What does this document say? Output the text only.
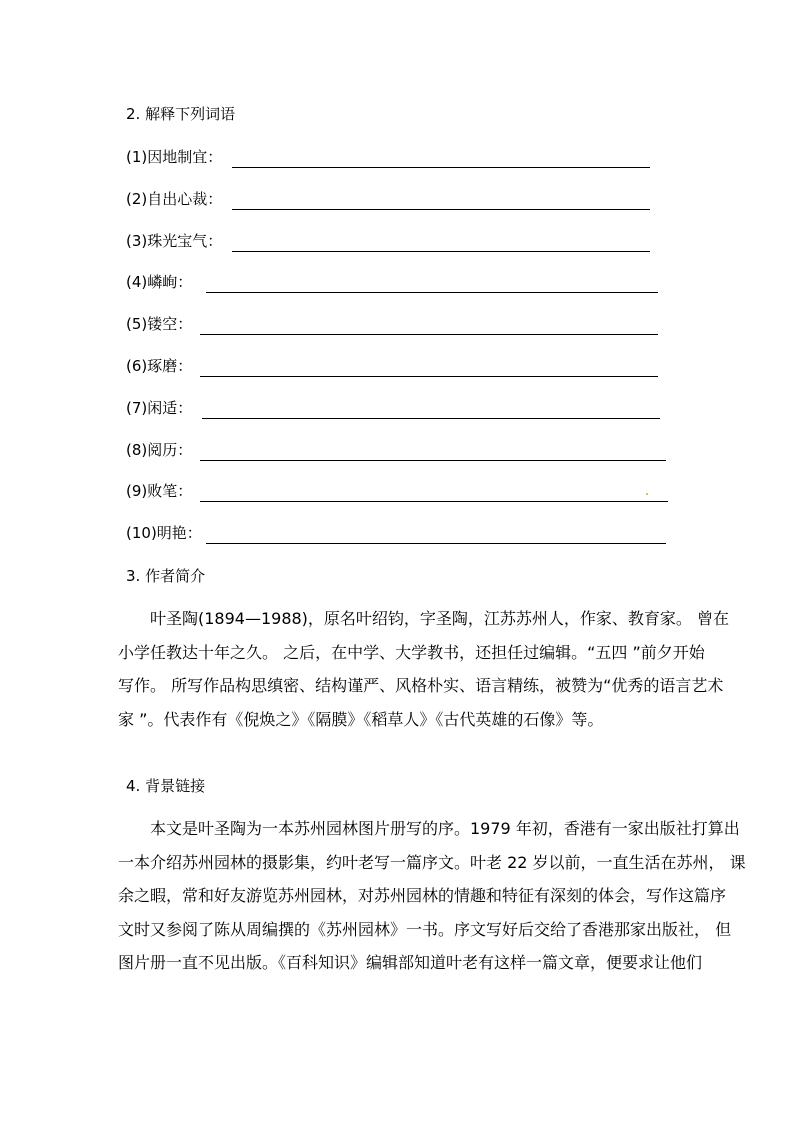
2. 解释下列词语
(1)因地制宜：
(2)自出心裁：
(3)珠光宝气：
(4)嶙峋：
(5)镂空：
(6)琢磨：
(7)闲适：
(8)阅历：
(9)败笔：
(10)明艳：
3. 作者简介
　　叶圣陶(1894—1988)，原名叶绍钧，字圣陶，江苏苏州人，作家、教育家。 曾在
小学任教达十年之久。 之后，在中学、大学教书，还担任过编辑。“五四 ”前夕开始
写作。 所写作品构思缜密、结构谨严、风格朴实、语言精练，被赞为“优秀的语言艺术
家 ”。代表作有《倪焕之》《隔膜》《稻草人》《古代英雄的石像》等。
4. 背景链接
　　本文是叶圣陶为一本苏州园林图片册写的序。1979 年初，香港有一家出版社打算出
一本介绍苏州园林的摄影集，约叶老写一篇序文。叶老 22 岁以前，一直生活在苏州， 课
余之暇，常和好友游览苏州园林，对苏州园林的情趣和特征有深刻的体会，写作这篇序
文时又参阅了陈从周编撰的《苏州园林》一书。序文写好后交给了香港那家出版社， 但
图片册一直不见出版。《百科知识》编辑部知道叶老有这样一篇文章，便要求让他们
